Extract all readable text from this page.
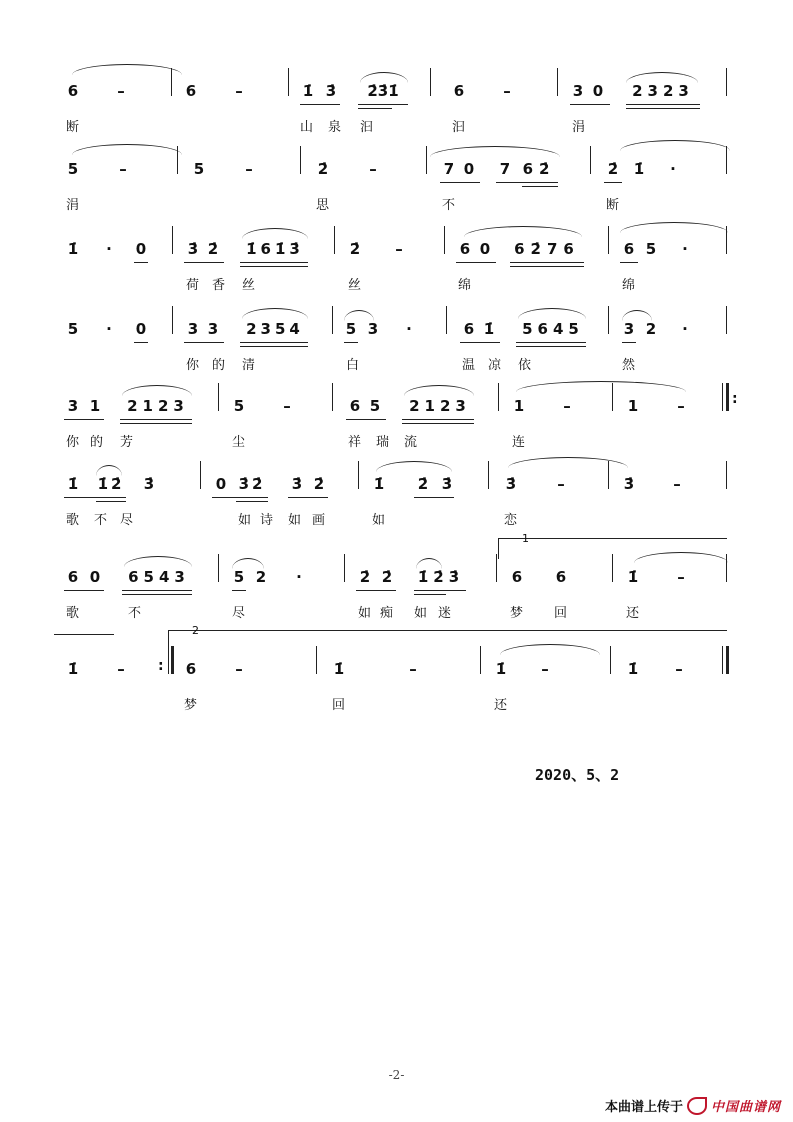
6	–	6	–	1̇ 3̇	2̇3̇1̇	6	–	3 0	2323
断	山 泉 汩	汩	涓
5	–	5	–	2̇	–	7 0 7 62̇	2̇ 1̇ ·
涓	思	不	断
1̇ · 0	3̇ 2̇ 1̇61̇3̇	2̇ –	6 0 62̇76	6 5 ·
荷 香 丝	丝	绵	绵
5 · 0	3 3 2354	5 3 ·	6 1̇ 5645	3 2 ·
你 的 清	白	温 凉 依	然
3 1	2123	5	–	6 5	2123	1	–	1	–	:
你 的 芳	尘	祥 瑞 流	连
1̇ 1̇2̇ 3̇	0 3̇2̇ 3̇ 2̇	1̇ 2̇ 3̇	3̇	–	3̇	–
歌 不 尽	如 诗 如 画	如	恋
6 0 6543	5 2 ·	2̇ 2̇ 1̇2̇3̇	6 6	1̇	–
1
歌	不	尽	如 痴 如 迷	梦 回	还
1̇	– : 6	–	1̇	–	1̇ –	1̇ –
2
梦	回	还
2020、5、2
-2-
本曲谱上传于 中国曲谱网
